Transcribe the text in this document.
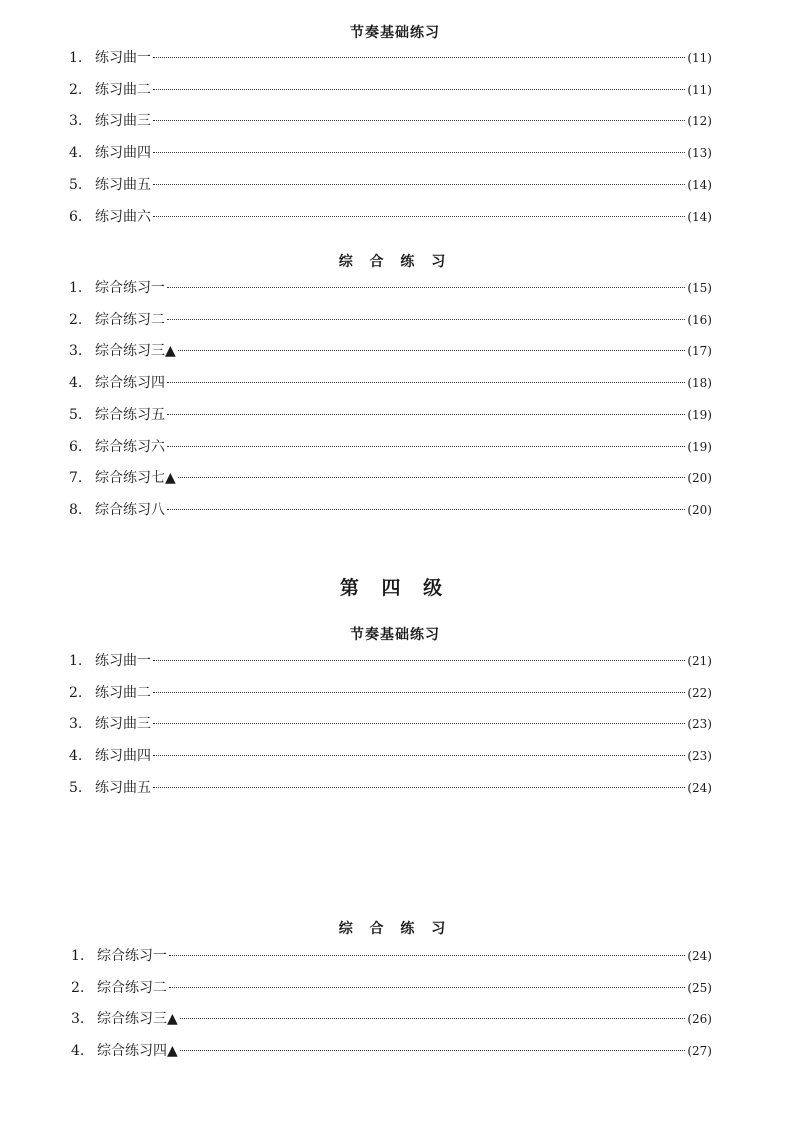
节奏基础练习
1. 练习曲一	(11)
2. 练习曲二	(11)
3. 练习曲三	(12)
4. 练习曲四	(13)
5. 练习曲五	(14)
6. 练习曲六	(14)
综 合 练 习
1. 综合练习一	(15)
2. 综合练习二	(16)
3. 综合练习三▲	(17)
4. 综合练习四	(18)
5. 综合练习五	(19)
6. 综合练习六	(19)
7. 综合练习七▲	(20)
8. 综合练习八	(20)
第 四 级
节奏基础练习
1. 练习曲一	(21)
2. 练习曲二	(22)
3. 练习曲三	(23)
4. 练习曲四	(23)
5. 练习曲五	(24)
综 合 练 习
1. 综合练习一	(24)
2. 综合练习二	(25)
3. 综合练习三▲	(26)
4. 综合练习四▲	(27)
